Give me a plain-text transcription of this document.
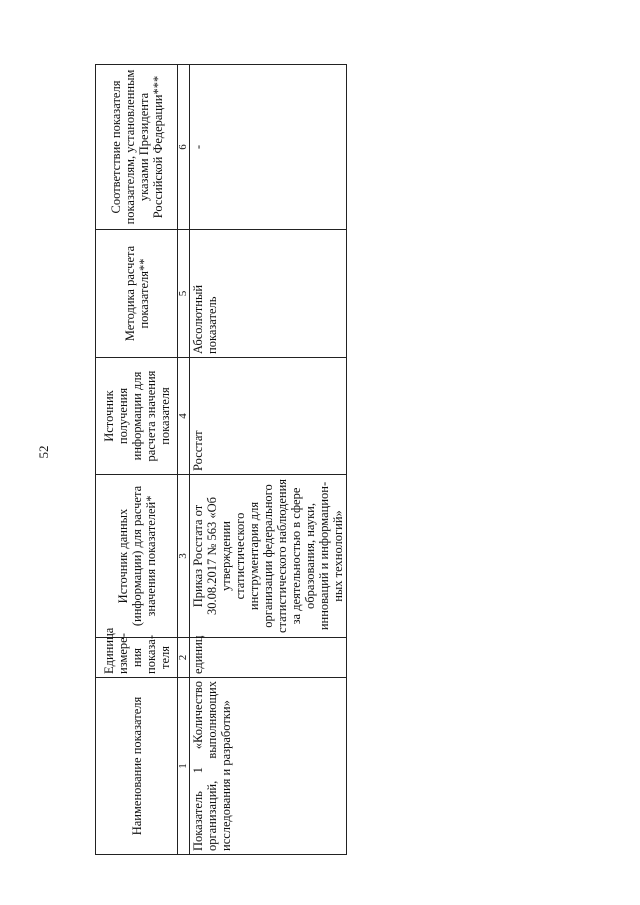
52
Наименование показателя	Единица измере-ния показа-теля	Источник данных (информации) для расчета значения показателей*	Источник получения информации для расчета значения показателя	Методика расчета показателя**	Соответствие показателя показателям, установленным указами Президента Российской Федерации***
1	2	3	4	5	6
Показатель 1 «Количество организаций, выполняющих исследования и разработки»	единиц	Приказ Росстата от 30.08.2017 № 563 «Об утверждении статистического инструментария для организации федерального статистического наблюдения за деятельностью в сфере образования, науки, инноваций и информацион-ных технологий»	Росстат	Абсолютный показатель	-
